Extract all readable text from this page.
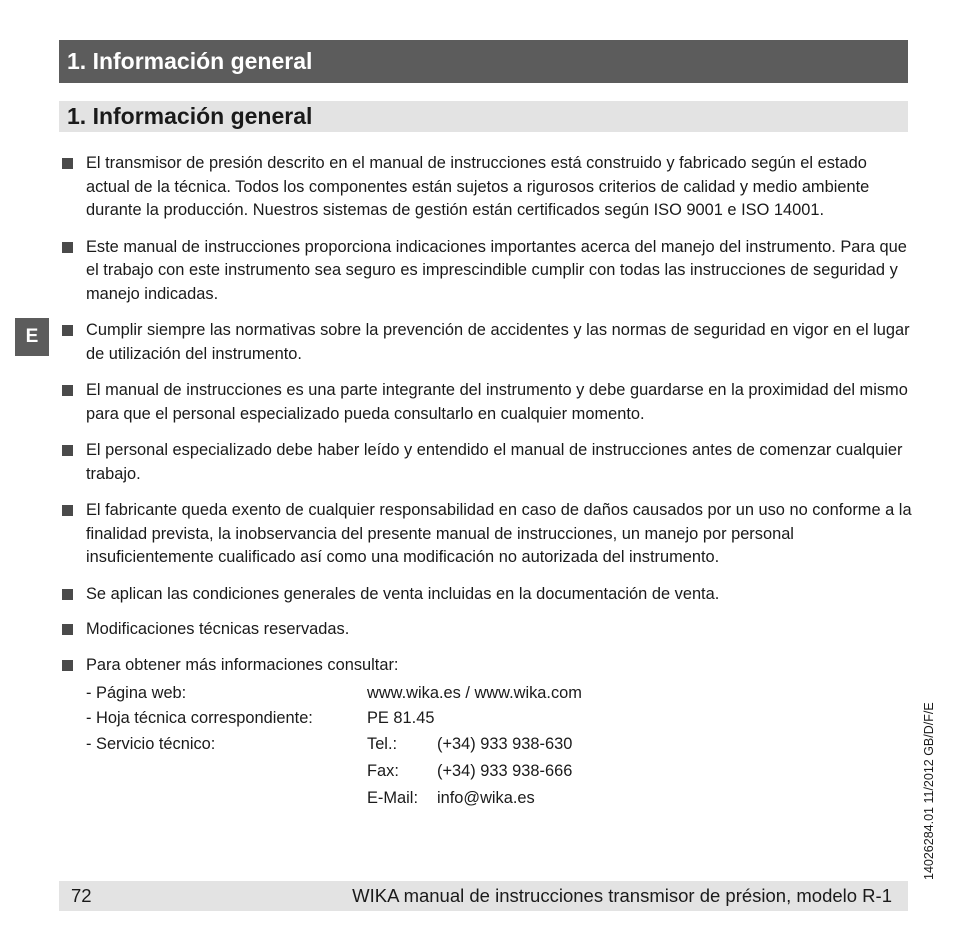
1. Información general
1. Información general
E

El transmisor de presión descrito en el manual de instrucciones está construido y fabricado según el estado actual de la técnica. Todos los componentes están sujetos a rigurosos criterios de calidad y medio ambiente durante la producción. Nuestros sistemas de gestión están certificados según ISO 9001 e ISO 14001.

Este manual de instrucciones proporciona indicaciones importantes acerca del manejo del instrumento. Para que el trabajo con este instrumento sea seguro es imprescindible cumplir con todas las instrucciones de seguridad y manejo indicadas.

Cumplir siempre las normativas sobre la prevención de accidentes y las normas de seguridad en vigor en el lugar de utilización del instrumento.

El manual de instrucciones es una parte integrante del instrumento y debe guardarse en la proximidad del mismo para que el personal especializado pueda consultarlo en cualquier momento.

El personal especializado debe haber leído y entendido el manual de instrucciones antes de comenzar cualquier trabajo.

El fabricante queda exento de cualquier responsabilidad en caso de daños causados por un uso no conforme a la finalidad prevista, la inobservancia del presente manual de instrucciones, un manejo por personal insuficientemente cualificado así como una modificación no autorizada del instrumento.

Se aplican las condiciones generales de venta incluidas en la documentación de venta.

Modificaciones técnicas reservadas.

Para obtener más informaciones consultar:

- Página web:	www.wika.es / www.wika.com
- Hoja técnica correspondiente:	PE 81.45
- Servicio técnico:	Tel.:	(+34) 933 938-630
Fax:	(+34) 933 938-666
E-Mail:	info@wika.es
72	WIKA manual de instrucciones transmisor de présion, modelo R-1
14026284.01 11/2012 GB/D/F/E
